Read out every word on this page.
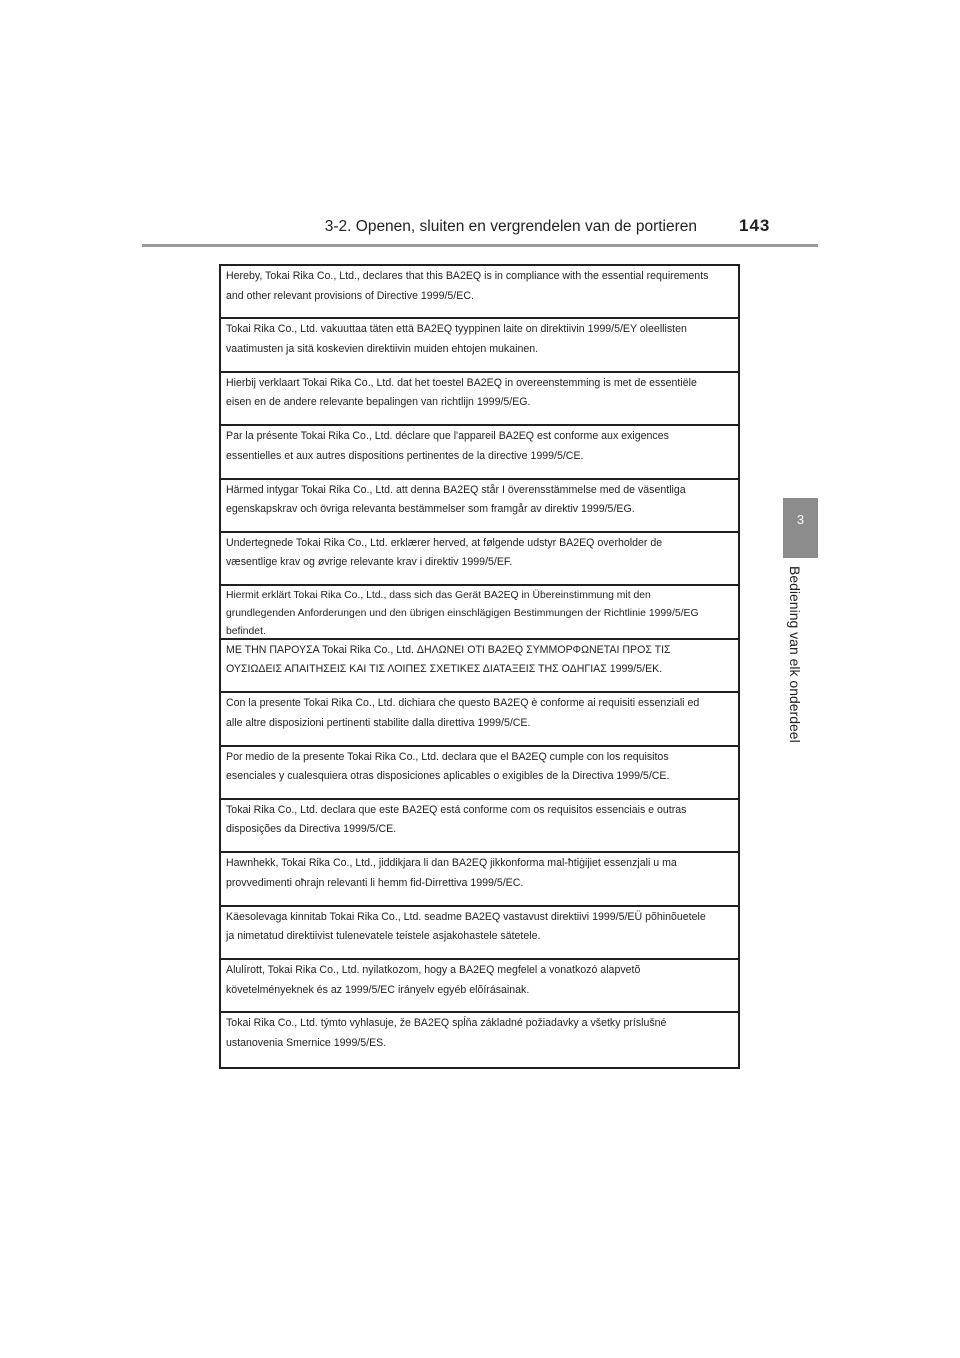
3-2. Openen, sluiten en vergrendelen van de portieren 143
3
Bediening van elk onderdeel
Hereby, Tokai Rika Co., Ltd., declares that this BA2EQ is in compliance with the essential requirements
and other relevant provisions of Directive 1999/5/EC.
Tokai Rika Co., Ltd. vakuuttaa täten että BA2EQ tyyppinen laite on direktiivin 1999/5/EY oleellisten
vaatimusten ja sitä koskevien direktiivin muiden ehtojen mukainen.
Hierbij verklaart Tokai Rika Co., Ltd. dat het toestel BA2EQ in overeenstemming is met de essentiële
eisen en de andere relevante bepalingen van richtlijn 1999/5/EG.
Par la présente Tokai Rika Co., Ltd. déclare que l'appareil BA2EQ est conforme aux exigences
essentielles et aux autres dispositions pertinentes de la directive 1999/5/CE.
Härmed intygar Tokai Rika Co., Ltd. att denna BA2EQ står I överensstämmelse med de väsentliga
egenskapskrav och övriga relevanta bestämmelser som framgår av direktiv 1999/5/EG.
Undertegnede Tokai Rika Co., Ltd. erklærer herved, at følgende udstyr BA2EQ overholder de
væsentlige krav og øvrige relevante krav i direktiv 1999/5/EF.
Hiermit erklärt Tokai Rika Co., Ltd., dass sich das Gerät BA2EQ in Übereinstimmung mit den
grundlegenden Anforderungen und den übrigen einschlägigen Bestimmungen der Richtlinie 1999/5/EG
befindet.
ΜΕ ΤΗΝ ΠΑΡΟΥΣΑ Tokai Rika Co., Ltd. ΔΗΛΩΝΕΙ ΟΤΙ BA2EQ ΣΥΜΜΟΡΦΩΝΕΤΑΙ ΠΡΟΣ ΤΙΣ
ΟΥΣΙΩΔΕΙΣ ΑΠΑΙΤΗΣΕΙΣ ΚΑΙ ΤΙΣ ΛΟΙΠΕΣ ΣΧΕΤΙΚΕΣ ΔΙΑΤΑΞΕΙΣ ΤΗΣ ΟΔΗΓΙΑΣ 1999/5/ΕΚ.
Con la presente Tokai Rika Co., Ltd. dichiara che questo BA2EQ è conforme ai requisiti essenziali ed
alle altre disposizioni pertinenti stabilite dalla direttiva 1999/5/CE.
Por medio de la presente Tokai Rika Co., Ltd. declara que el BA2EQ cumple con los requisitos
esenciales y cualesquiera otras disposiciones aplicables o exigibles de la Directiva 1999/5/CE.
Tokai Rika Co., Ltd. declara que este BA2EQ está conforme com os requisitos essenciais e outras
disposições da Directiva 1999/5/CE.
Hawnhekk, Tokai Rika Co., Ltd., jiddikjara li dan BA2EQ jikkonforma mal-ħtiġijiet essenzjali u ma
provvedimenti oħrajn relevanti li hemm fid-Dirrettiva 1999/5/EC.
Käesolevaga kinnitab Tokai Rika Co., Ltd. seadme BA2EQ vastavust direktiivi 1999/5/EÜ põhinõuetele
ja nimetatud direktiivist tulenevatele teistele asjakohastele sätetele.
Alulírott, Tokai Rika Co., Ltd. nyilatkozom, hogy a BA2EQ megfelel a vonatkozó alapvetõ
követelményeknek és az 1999/5/EC irányelv egyéb elõírásainak.
Tokai Rika Co., Ltd. týmto vyhlasuje, že BA2EQ spĺňa základné požiadavky a všetky príslušné
ustanovenia Smernice 1999/5/ES.
